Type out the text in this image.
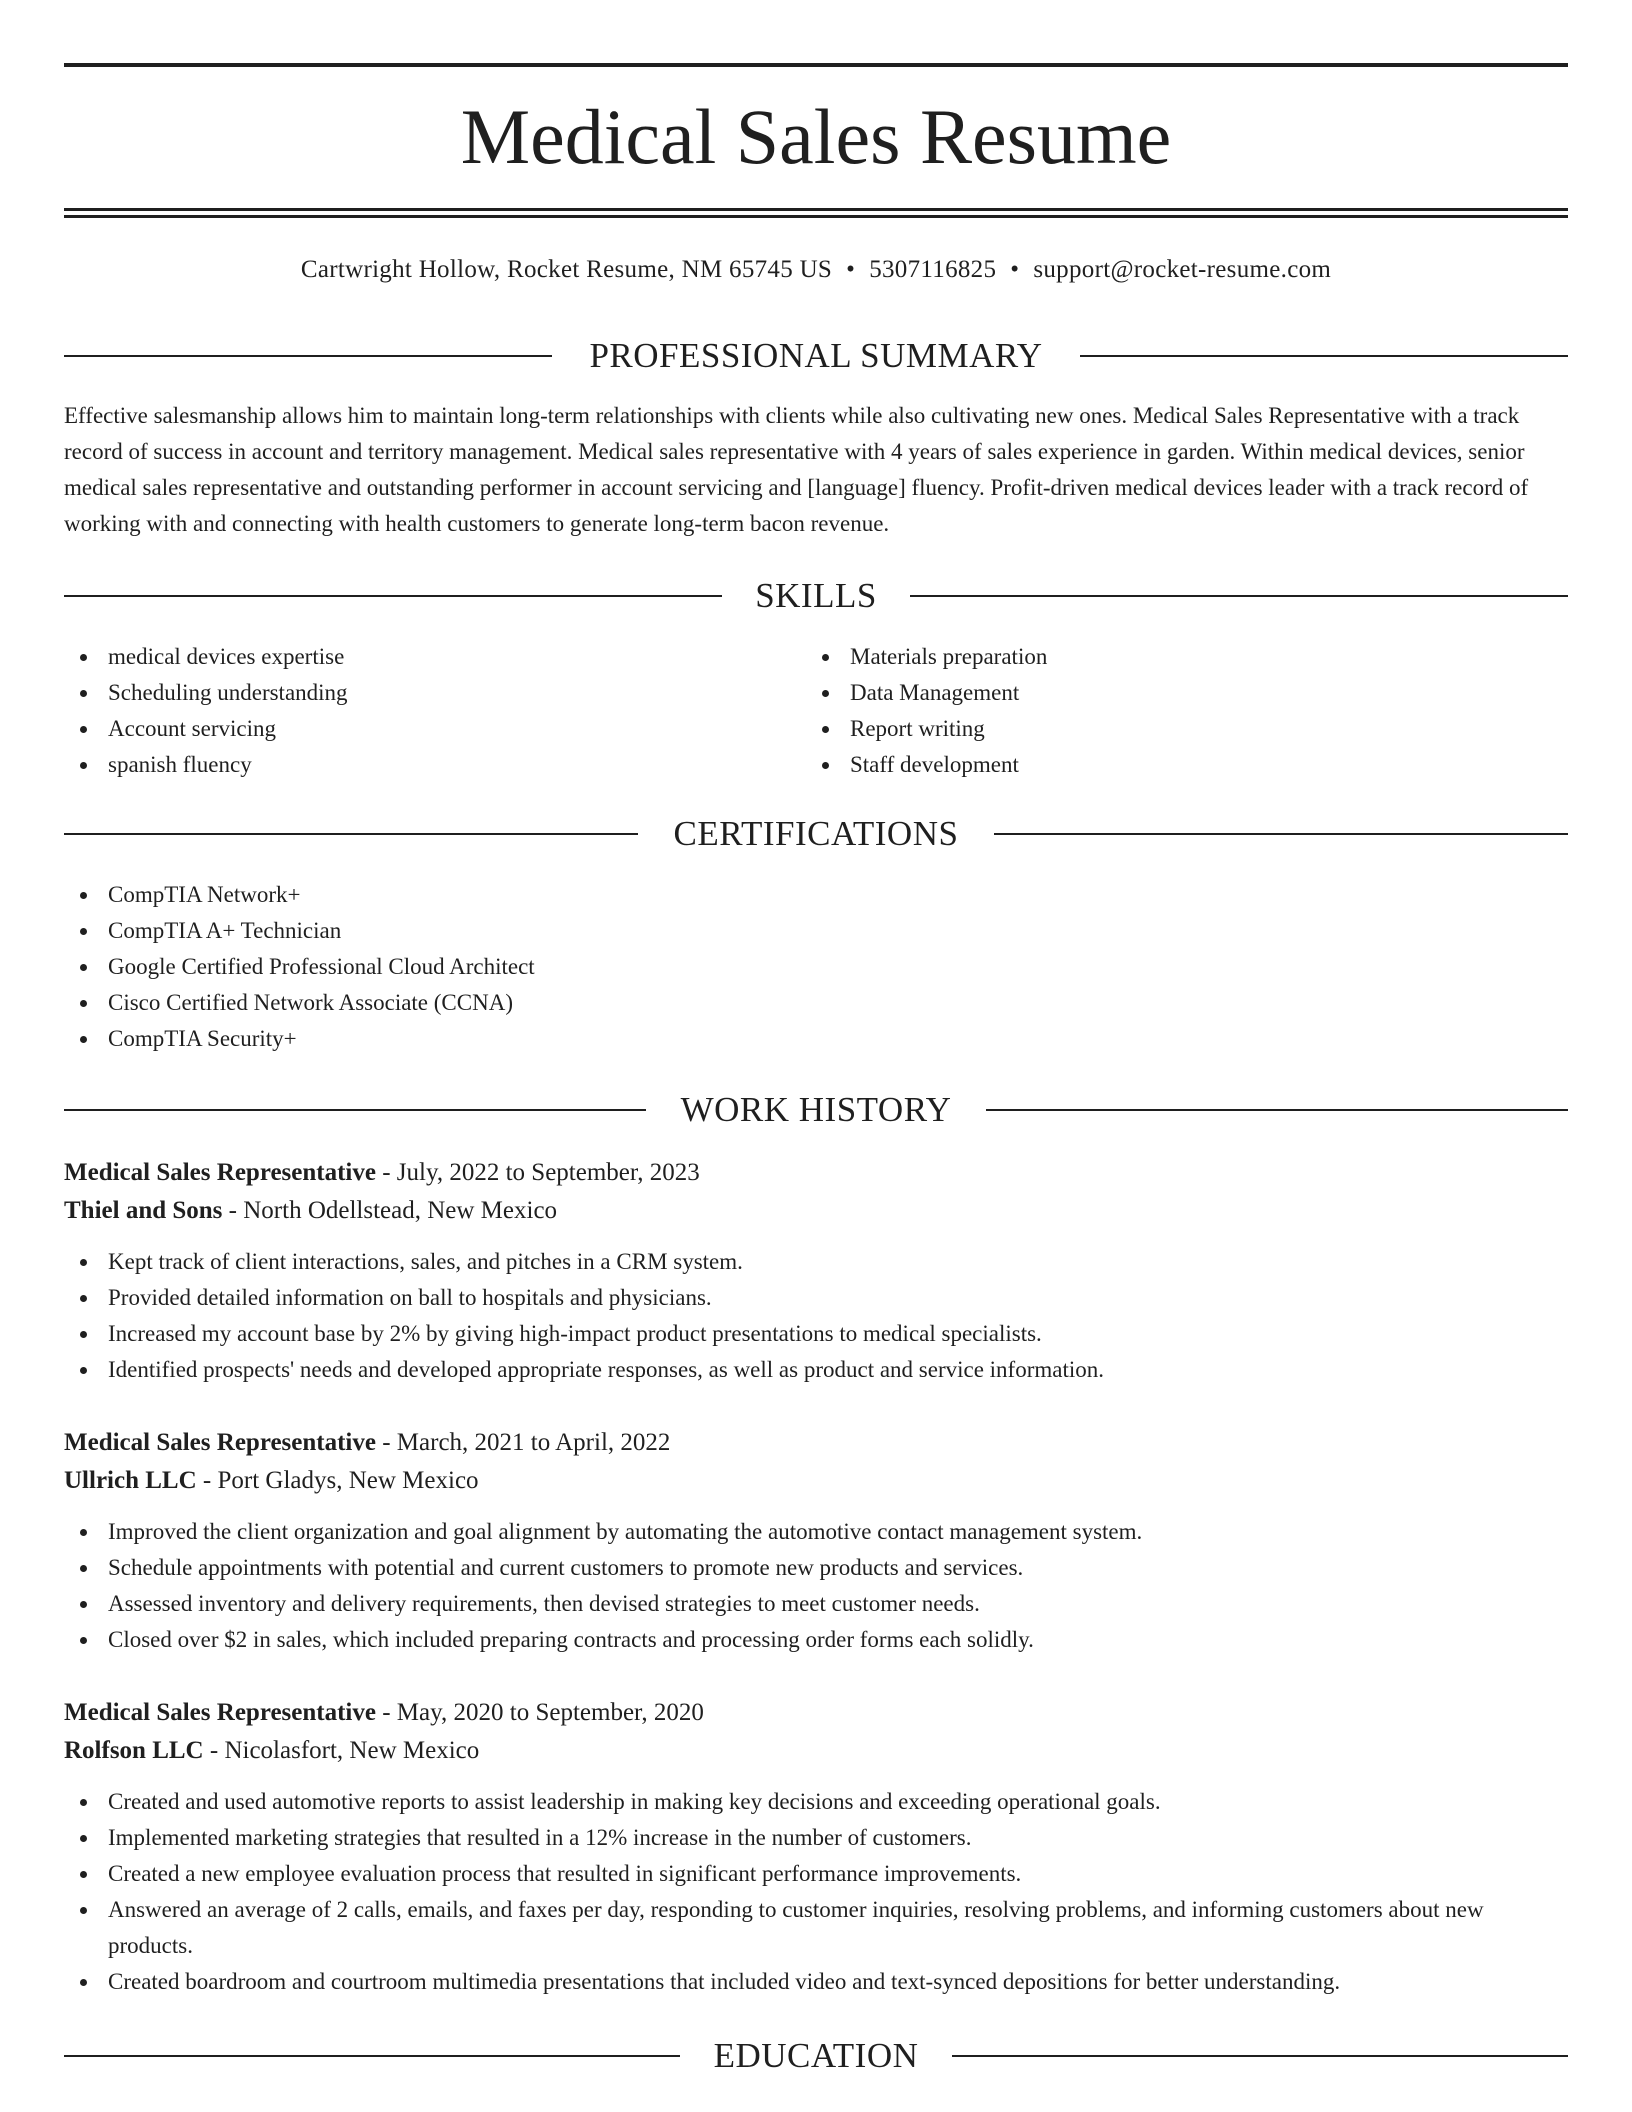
Medical Sales Resume
Cartwright Hollow, Rocket Resume, NM 65745 US • 5307116825 • support@rocket-resume.com
PROFESSIONAL SUMMARY

Effective salesmanship allows him to maintain long-term relationships with clients while also cultivating new ones. Medical Sales Representative with a track record of success in account and territory management. Medical sales representative with 4 years of sales experience in garden. Within medical devices, senior medical sales representative and outstanding performer in account servicing and [language] fluency. Profit-driven medical devices leader with a track record of working with and connecting with health customers to generate long-term bacon revenue.

SKILLS
medical devices expertise
Scheduling understanding
Account servicing
spanish fluency
Materials preparation
Data Management
Report writing
Staff development
CERTIFICATIONS
CompTIA Network+
CompTIA A+ Technician
Google Certified Professional Cloud Architect
Cisco Certified Network Associate (CCNA)
CompTIA Security+
WORK HISTORY
Medical Sales Representative - July, 2022 to September, 2023
Thiel and Sons - North Odellstead, New Mexico
Kept track of client interactions, sales, and pitches in a CRM system.
Provided detailed information on ball to hospitals and physicians.
Increased my account base by 2% by giving high-impact product presentations to medical specialists.
Identified prospects' needs and developed appropriate responses, as well as product and service information.
Medical Sales Representative - March, 2021 to April, 2022
Ullrich LLC - Port Gladys, New Mexico
Improved the client organization and goal alignment by automating the automotive contact management system.
Schedule appointments with potential and current customers to promote new products and services.
Assessed inventory and delivery requirements, then devised strategies to meet customer needs.
Closed over $2 in sales, which included preparing contracts and processing order forms each solidly.
Medical Sales Representative - May, 2020 to September, 2020
Rolfson LLC - Nicolasfort, New Mexico
Created and used automotive reports to assist leadership in making key decisions and exceeding operational goals.
Implemented marketing strategies that resulted in a 12% increase in the number of customers.
Created a new employee evaluation process that resulted in significant performance improvements.
Answered an average of 2 calls, emails, and faxes per day, responding to customer inquiries, resolving problems, and informing customers about new products.
Created boardroom and courtroom multimedia presentations that included video and text-synced depositions for better understanding.
EDUCATION
